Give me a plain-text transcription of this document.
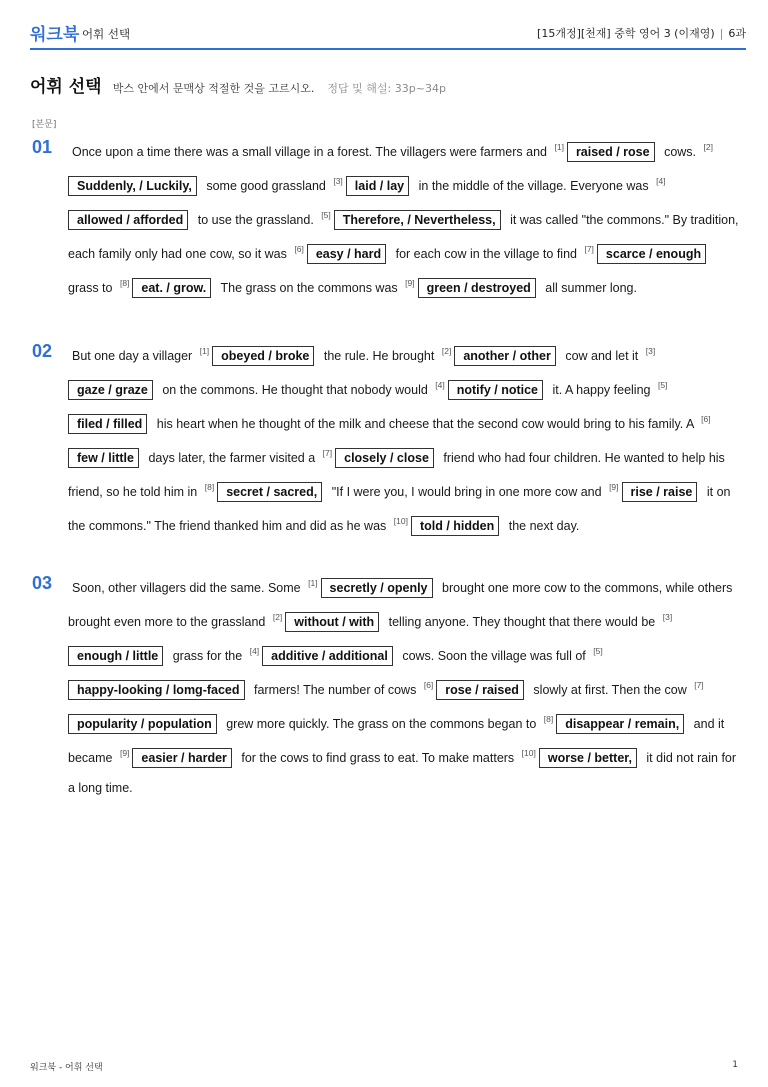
워크북 어휘 선택	[15개정][천재] 중학 영어 3 (이재영) | 6과
어휘 선택 박스 안에서 문맥상 적절한 것을 고르시오. 정답 및 해설: 33p~34p
[본문]
01	Once upon a time there was a small village in a forest. The villagers were farmers and [1] raised / rose cows. [2]Suddenly, / Luckily, some good grassland [3] laid / lay in the middle of the village. Everyone was [4]allowed / afforded to use the grassland. [5] Therefore, / Nevertheless, it was called "the commons." By tradition, each family only had one cow, so it was [6] easy / hard for each cow in the village to find [7] scarce / enough grass to [8] eat. / grow. The grass on the commons was [9] green / destroyed all summer long.

02	But one day a villager [1] obeyed / broke the rule. He brought [2] another / other cow and let it [3]gaze / graze on the commons. He thought that nobody would [4] notify / notice it. A happy feeling [5]filed / filled his heart when he thought of the milk and cheese that the second cow would bring to his family. A [6]few / little days later, the farmer visited a [7] closely / close friend who had four children. He wanted to help his friend, so he told him in [8] secret / sacred, "If I were you, I would bring in one more cow and [9] rise / raise it on the commons." The friend thanked him and did as he was [10] told / hidden the next day.

03	Soon, other villagers did the same. Some [1] secretly / openly brought one more cow to the commons, while others brought even more to the grassland [2] without / with telling anyone. They thought that there would be [3]enough / little grass for the [4] additive / additional cows. Soon the village was full of [5]happy-looking / lomg-faced farmers! The number of cows [6] rose / raised slowly at first. Then the cow [7]popularity / population grew more quickly. The grass on the commons began to [8] disappear / remain, and it became [9] easier / harder for the cows to find grass to eat. To make matters [10] worse / better, it did not rain for a long time.

워크북 - 어휘 선택	1
